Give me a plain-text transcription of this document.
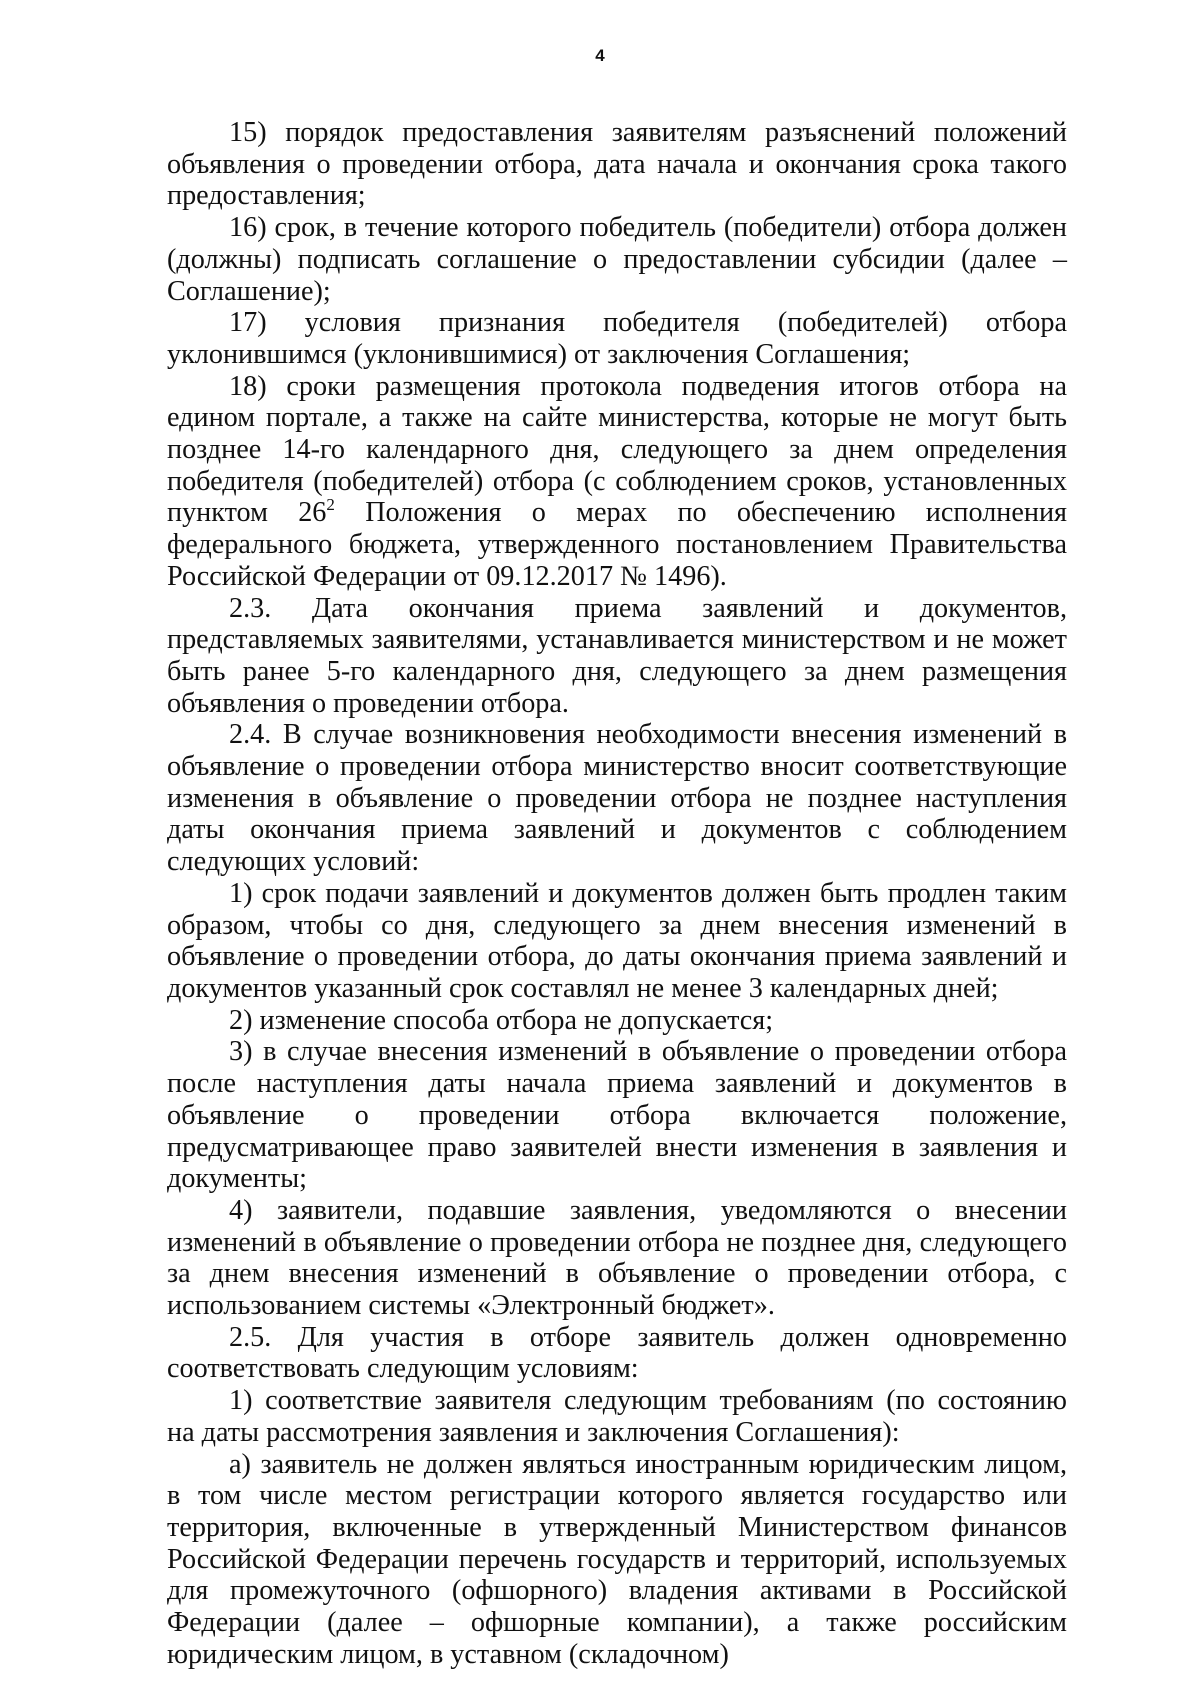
4

15) порядок предоставления заявителям разъяснений положений объявления о проведении отбора, дата начала и окончания срока такого предоставления;

16) срок, в течение которого победитель (победители) отбора должен (должны) подписать соглашение о предоставлении субсидии (далее – Соглашение);

17) условия признания победителя (победителей) отбора уклонившимся (уклонившимися) от заключения Соглашения;

18) сроки размещения протокола подведения итогов отбора на едином портале, а также на сайте министерства, которые не могут быть позднее 14-го календарного дня, следующего за днем определения победителя (победителей) отбора (с соблюдением сроков, установленных пунктом $26^2$ Положения о мерах по обеспечению исполнения федерального бюджета, утвержденного постановлением Правительства Российской Федерации от 09.12.2017 № 1496).

2.3. Дата окончания приема заявлений и документов, представляемых заявителями, устанавливается министерством и не может быть ранее 5-го календарного дня, следующего за днем размещения объявления о проведении отбора.

2.4. В случае возникновения необходимости внесения изменений в объявление о проведении отбора министерство вносит соответствующие изменения в объявление о проведении отбора не позднее наступления даты окончания приема заявлений и документов с соблюдением следующих условий:

1) срок подачи заявлений и документов должен быть продлен таким образом, чтобы со дня, следующего за днем внесения изменений в объявление о проведении отбора, до даты окончания приема заявлений и документов указанный срок составлял не менее 3 календарных дней;

2) изменение способа отбора не допускается;

3) в случае внесения изменений в объявление о проведении отбора после наступления даты начала приема заявлений и документов в объявление о проведении отбора включается положение, предусматривающее право заявителей внести изменения в заявления и документы;

4) заявители, подавшие заявления, уведомляются о внесении изменений в объявление о проведении отбора не позднее дня, следующего за днем внесения изменений в объявление о проведении отбора, с использованием системы «Электронный бюджет».

2.5. Для участия в отборе заявитель должен одновременно соответствовать следующим условиям:

1) соответствие заявителя следующим требованиям (по состоянию на даты рассмотрения заявления и заключения Соглашения):

а) заявитель не должен являться иностранным юридическим лицом, в том числе местом регистрации которого является государство или территория, включенные в утвержденный Министерством финансов Российской Федерации перечень государств и территорий, используемых для промежуточного (офшорного) владения активами в Российской Федерации (далее – офшорные компании), а также российским юридическим лицом, в уставном (складочном)
